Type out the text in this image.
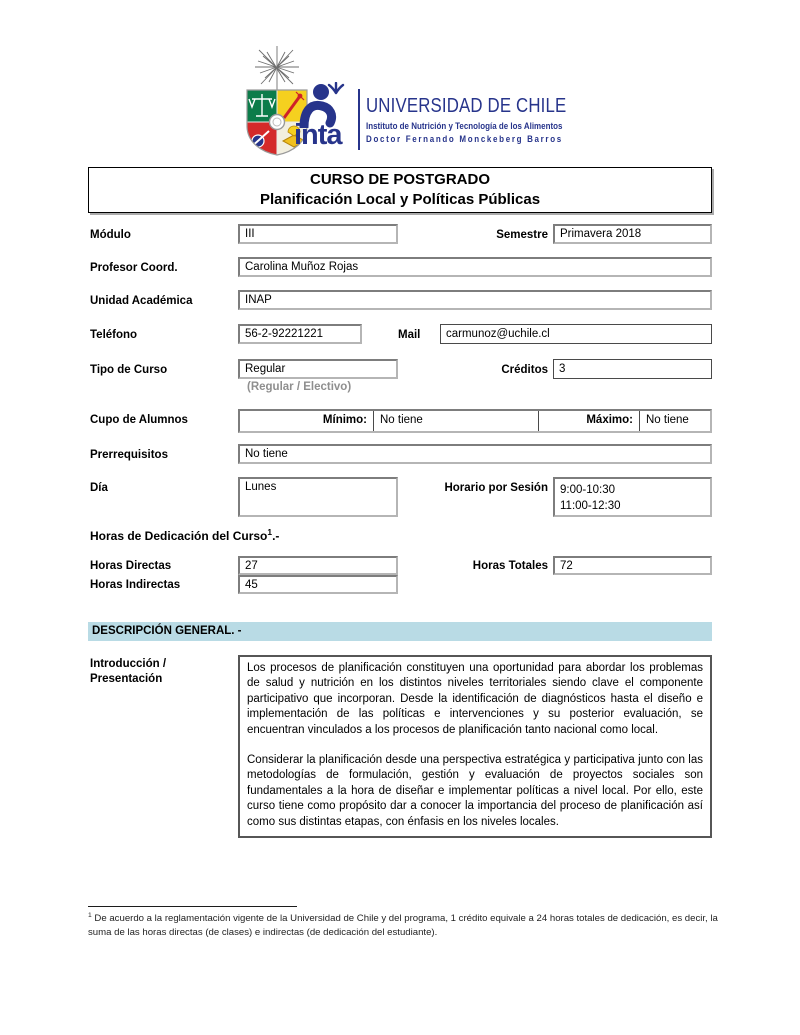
inta
UNIVERSIDAD DE CHILE
Instituto de Nutrición y Tecnología de los Alimentos
Doctor Fernando Monckeberg Barros
CURSO DE POSTGRADO
Planificación Local y Políticas Públicas
Módulo	III	Semestre	Primavera 2018
Profesor Coord.	Carolina Muñoz Rojas
Unidad Académica	INAP
Teléfono	56-2-92221221	Mail	carmunoz@uchile.cl
Tipo de Curso	Regular
(Regular / Electivo)
Créditos 3
Cupo de Alumnos	Mínimo:	No tiene	Máximo:	No tiene
Prerrequisitos	No tiene
Día	Lunes	Horario por Sesión 9:00-10:30
11:00-12:30
Horas de Dedicación del Curso$^1$.-
Horas Directas	27	Horas Totales	72
Horas Indirectas	45
DESCRIPCIÓN GENERAL. -
Introducción /
Presentación

Los procesos de planificación constituyen una oportunidad para abordar los problemas de salud y nutrición en los distintos niveles territoriales siendo clave el componente participativo que incorporan. Desde la identificación de diagnósticos hasta el diseño e implementación de las políticas e intervenciones y su posterior evaluación, se encuentran vinculados a los procesos de planificación tanto nacional como local.

Considerar la planificación desde una perspectiva estratégica y participativa junto con las metodologías de formulación, gestión y evaluación de proyectos sociales son fundamentales a la hora de diseñar e implementar políticas a nivel local. Por ello, este curso tiene como propósito dar a conocer la importancia del proceso de planificación así como sus distintas etapas, con énfasis en los niveles locales.

$^1$ De acuerdo a la reglamentación vigente de la Universidad de Chile y del programa, 1 crédito equivale a 24 horas totales de dedicación, es decir, la suma de las horas directas (de clases) e indirectas (de dedicación del estudiante).
